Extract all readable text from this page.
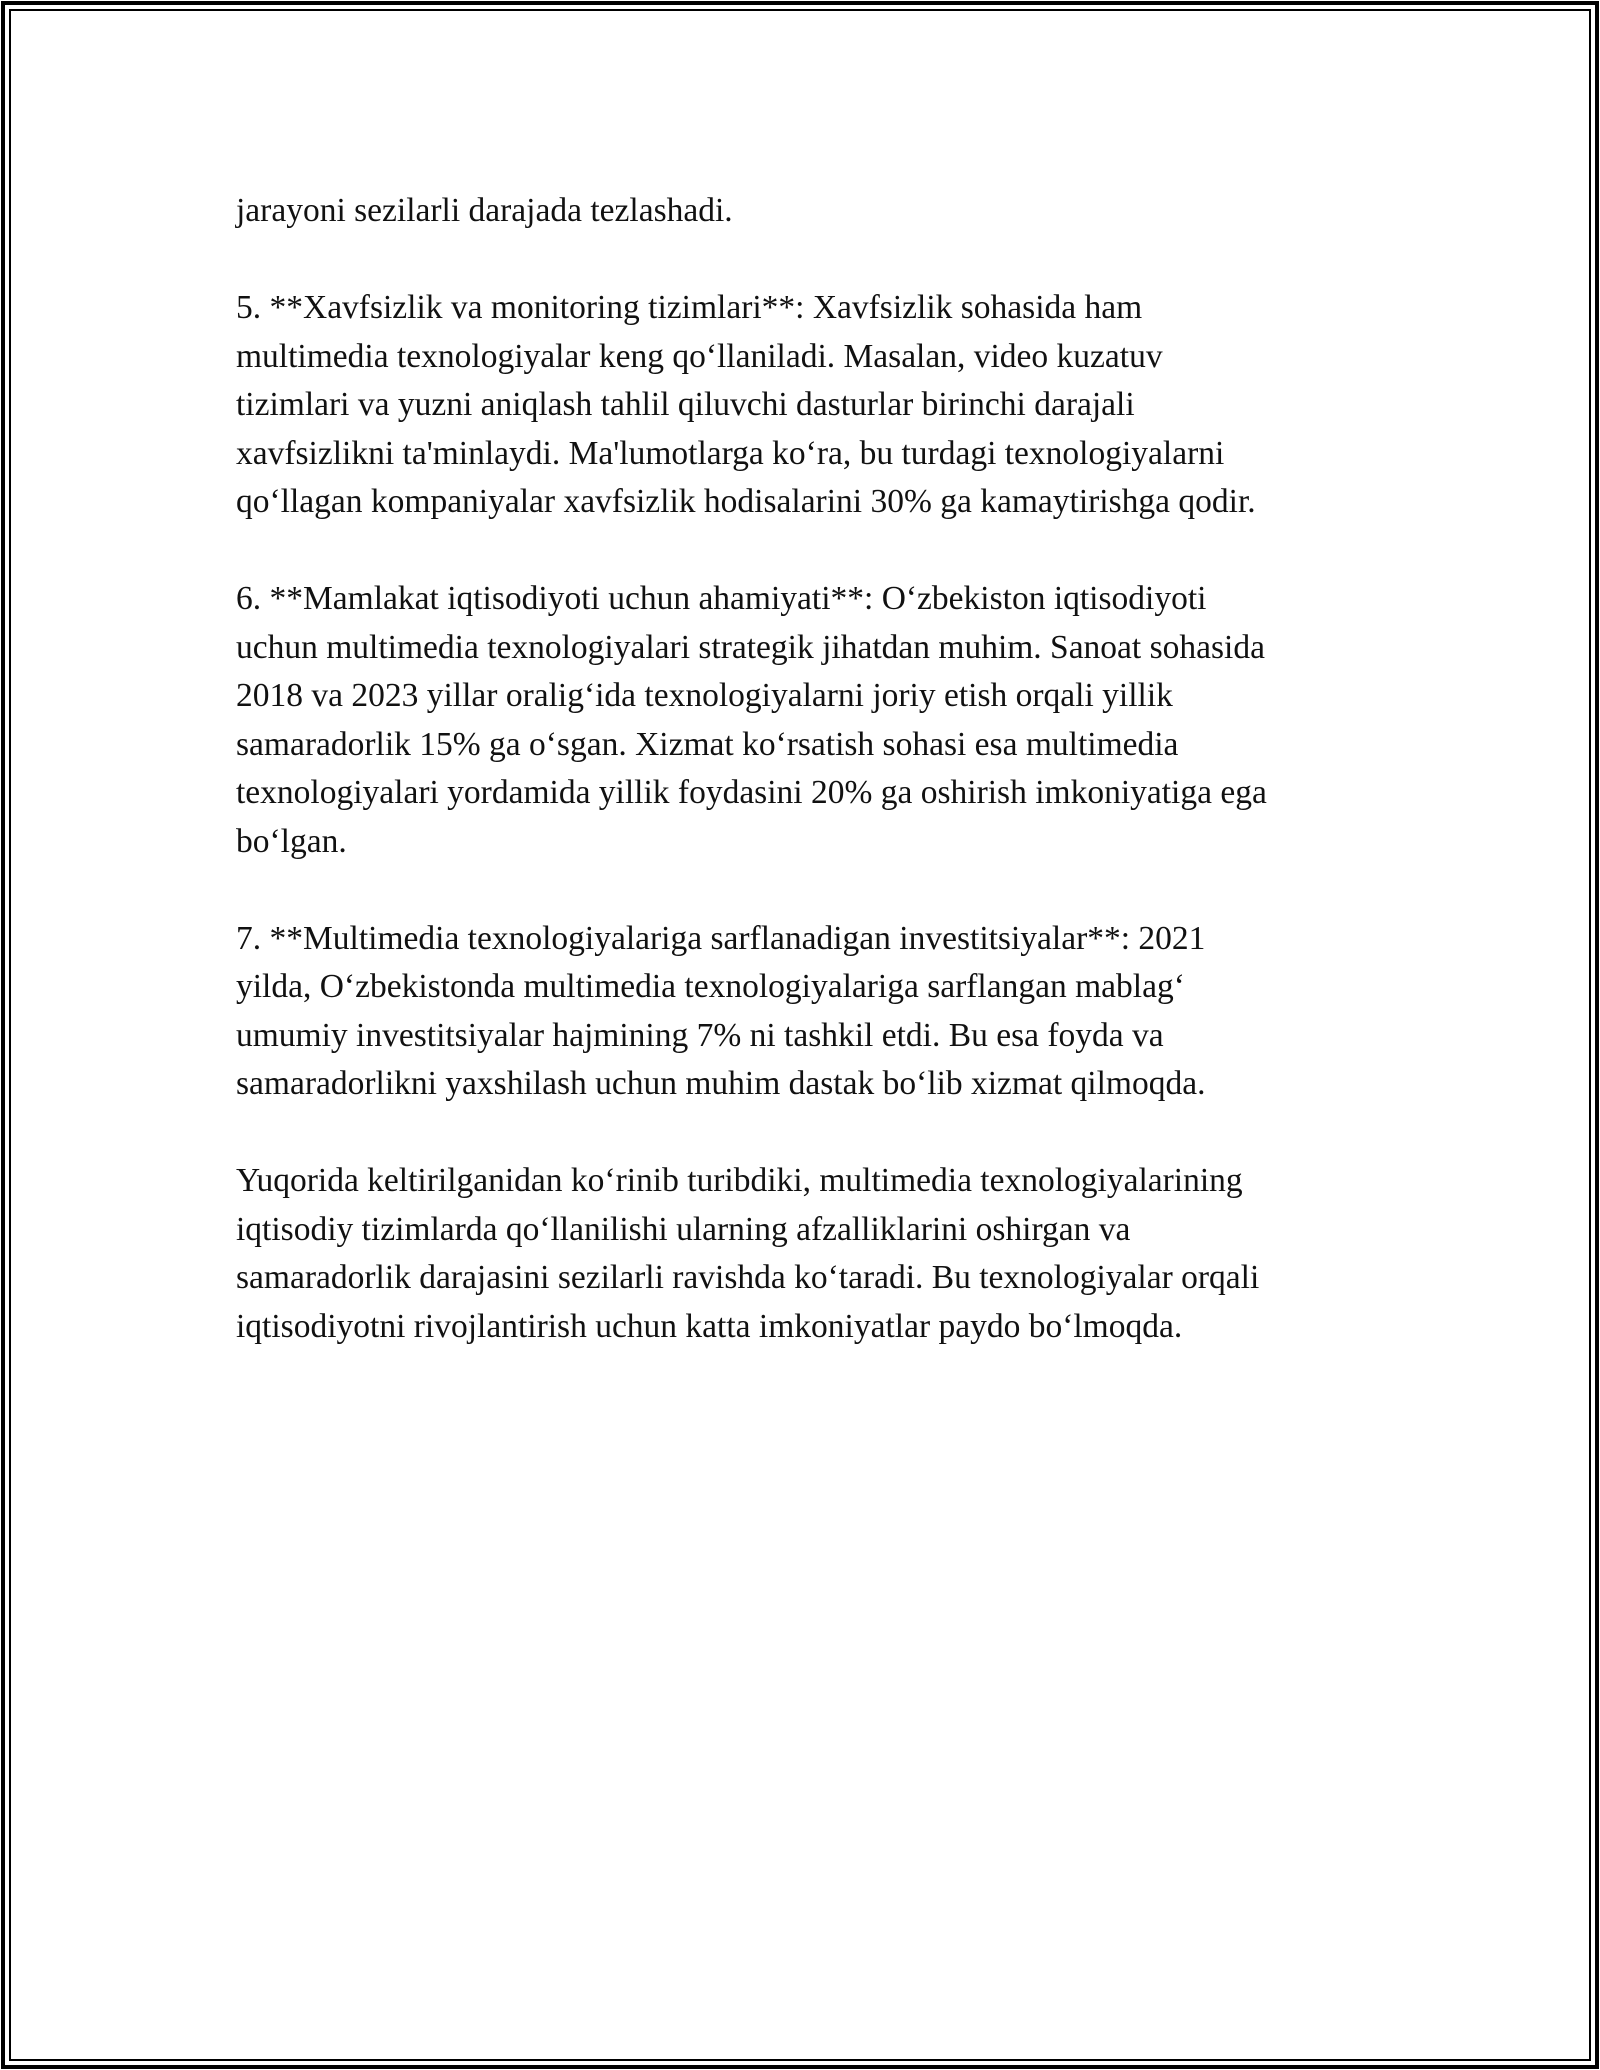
jarayoni sezilarli darajada tezlashadi.
5. **Xavfsizlik va monitoring tizimlari**: Xavfsizlik sohasida ham
multimedia texnologiyalar keng qo‘llaniladi. Masalan, video kuzatuv
tizimlari va yuzni aniqlash tahlil qiluvchi dasturlar birinchi darajali
xavfsizlikni ta'minlaydi. Ma'lumotlarga ko‘ra, bu turdagi texnologiyalarni
qo‘llagan kompaniyalar xavfsizlik hodisalarini 30% ga kamaytirishga qodir.
6. **Mamlakat iqtisodiyoti uchun ahamiyati**: O‘zbekiston iqtisodiyoti
uchun multimedia texnologiyalari strategik jihatdan muhim. Sanoat sohasida
2018 va 2023 yillar oralig‘ida texnologiyalarni joriy etish orqali yillik
samaradorlik 15% ga o‘sgan. Xizmat ko‘rsatish sohasi esa multimedia
texnologiyalari yordamida yillik foydasini 20% ga oshirish imkoniyatiga ega
bo‘lgan.
7. **Multimedia texnologiyalariga sarflanadigan investitsiyalar**: 2021
yilda, O‘zbekistonda multimedia texnologiyalariga sarflangan mablag‘
umumiy investitsiyalar hajmining 7% ni tashkil etdi. Bu esa foyda va
samaradorlikni yaxshilash uchun muhim dastak bo‘lib xizmat qilmoqda.
Yuqorida keltirilganidan ko‘rinib turibdiki, multimedia texnologiyalarining
iqtisodiy tizimlarda qo‘llanilishi ularning afzalliklarini oshirgan va
samaradorlik darajasini sezilarli ravishda ko‘taradi. Bu texnologiyalar orqali
iqtisodiyotni rivojlantirish uchun katta imkoniyatlar paydo bo‘lmoqda.
